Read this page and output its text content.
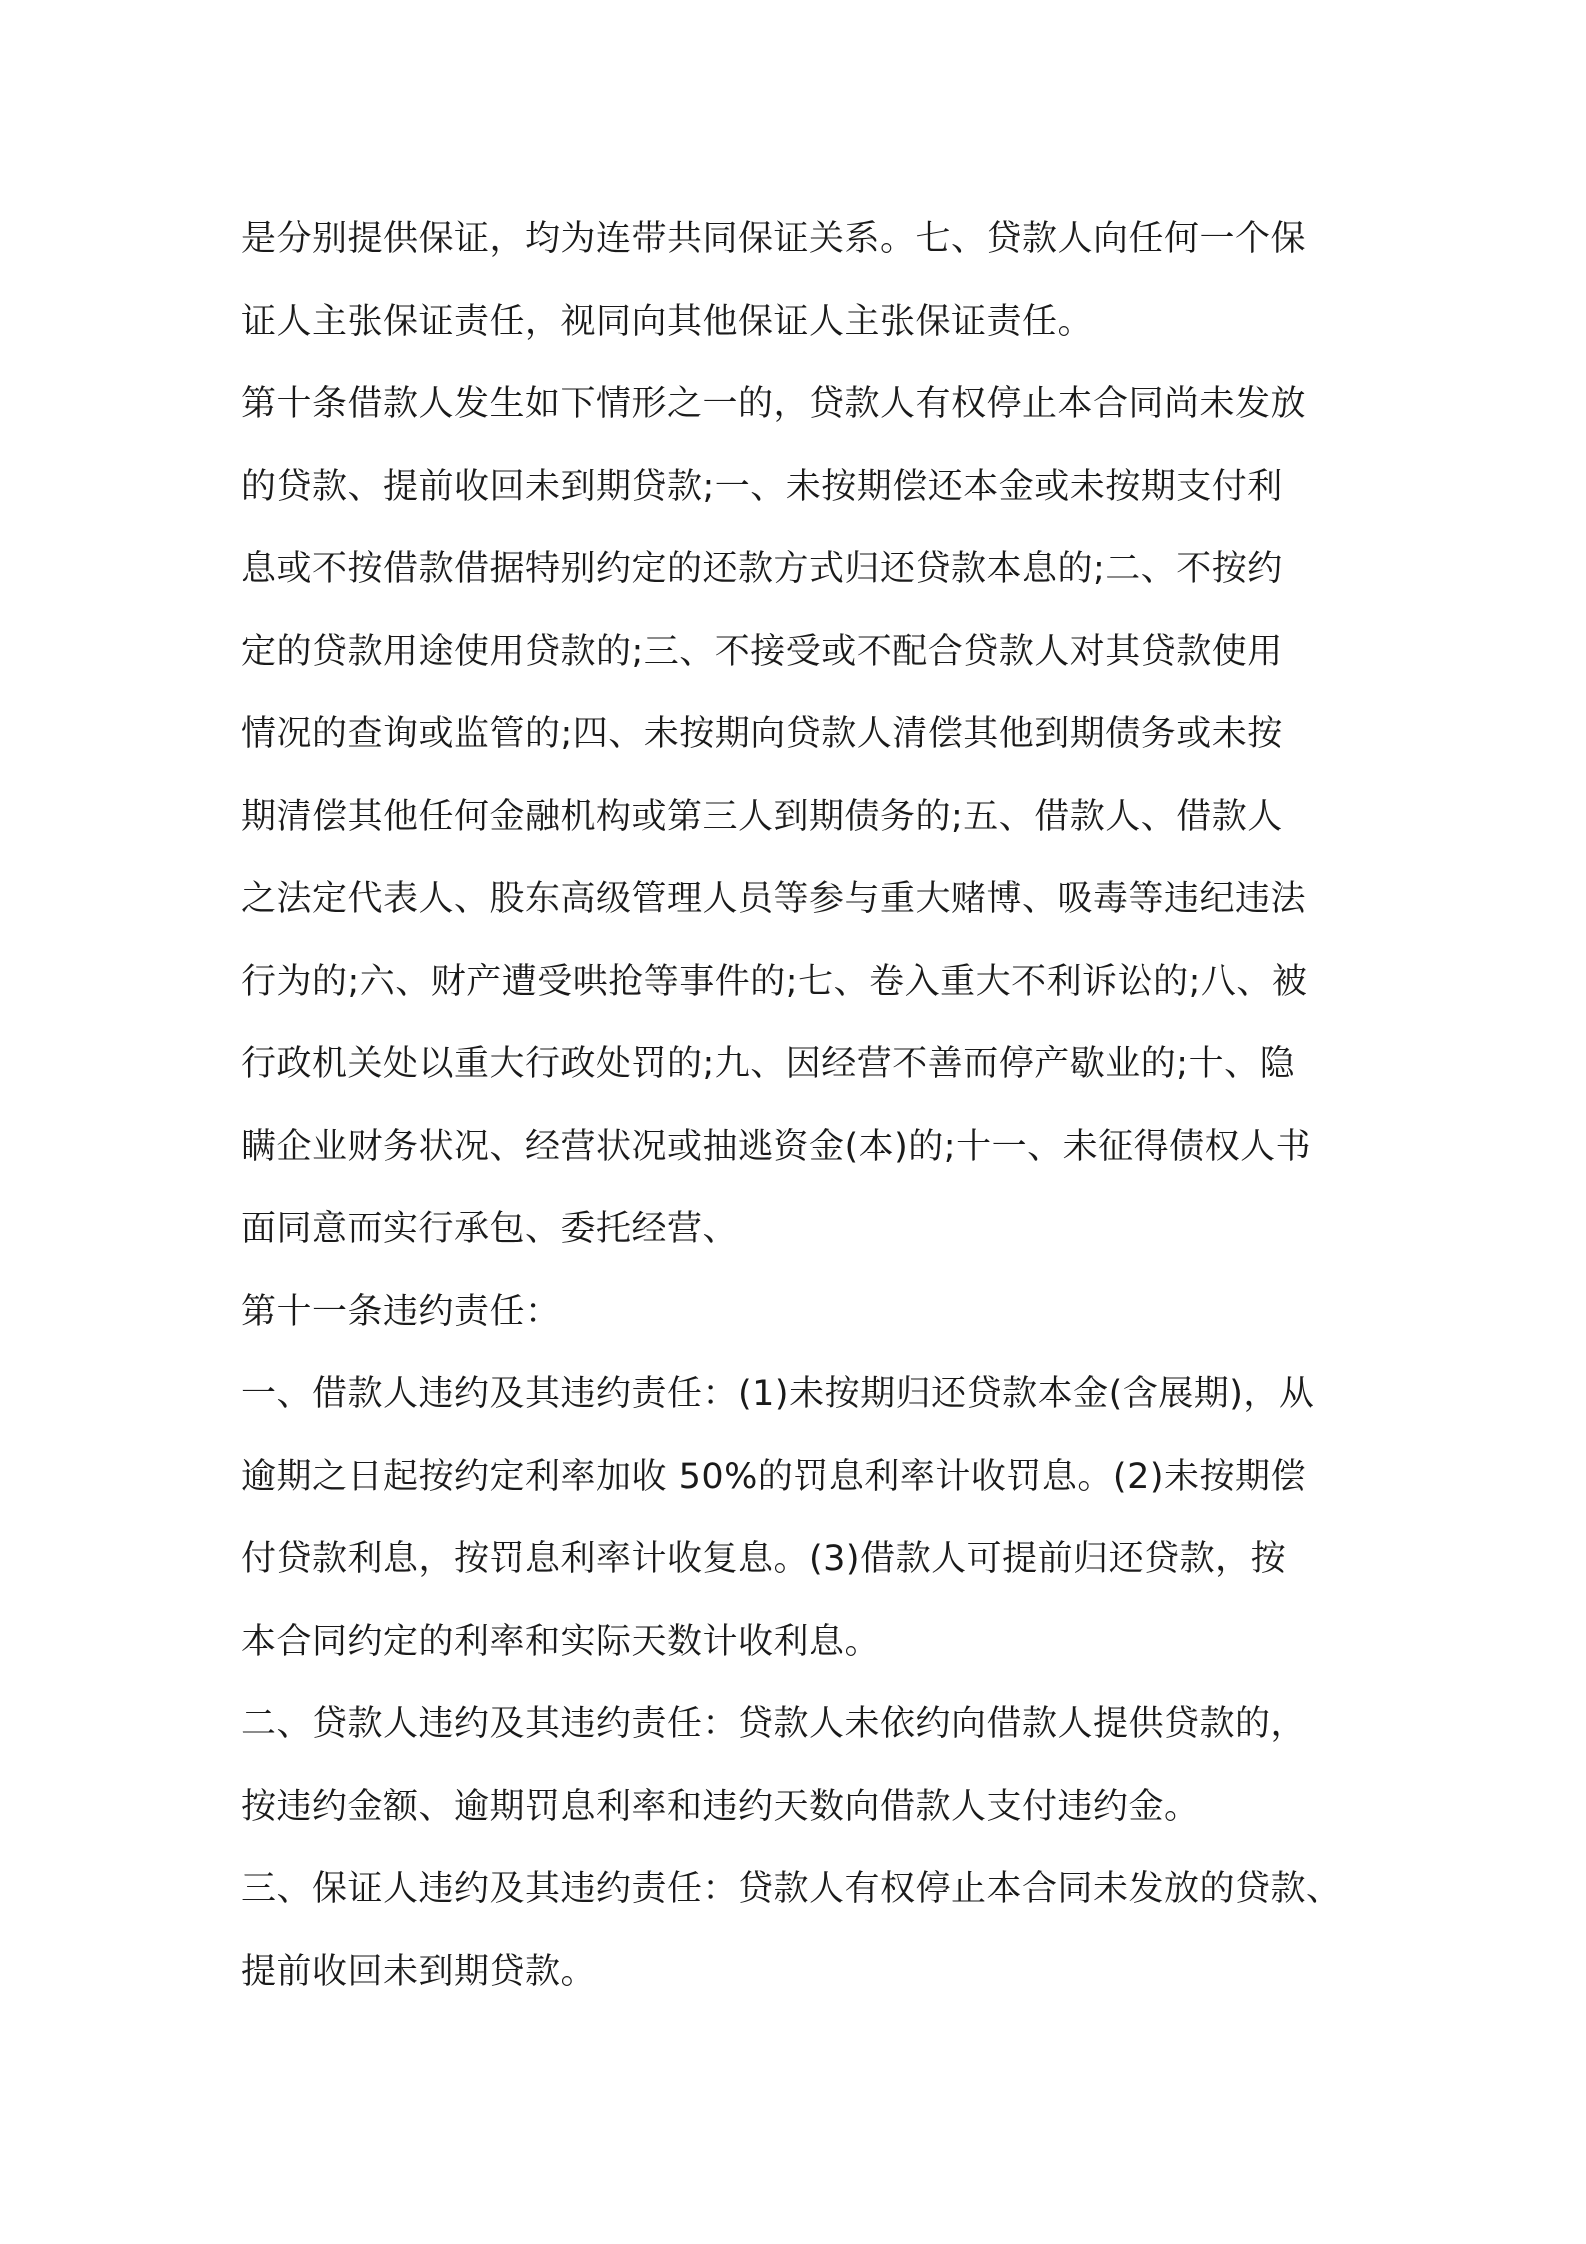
是分别提供保证，均为连带共同保证关系。七、贷款人向任何一个保
证人主张保证责任，视同向其他保证人主张保证责任。
第十条借款人发生如下情形之一的，贷款人有权停止本合同尚未发放
的贷款、提前收回未到期贷款;一、未按期偿还本金或未按期支付利
息或不按借款借据特别约定的还款方式归还贷款本息的;二、不按约
定的贷款用途使用贷款的;三、不接受或不配合贷款人对其贷款使用
情况的查询或监管的;四、未按期向贷款人清偿其他到期债务或未按
期清偿其他任何金融机构或第三人到期债务的;五、借款人、借款人
之法定代表人、股东高级管理人员等参与重大赌博、吸毒等违纪违法
行为的;六、财产遭受哄抢等事件的;七、卷入重大不利诉讼的;八、被
行政机关处以重大行政处罚的;九、因经营不善而停产歇业的;十、隐
瞒企业财务状况、经营状况或抽逃资金(本)的;十一、未征得债权人书
面同意而实行承包、委托经营、
第十一条违约责任：
一、借款人违约及其违约责任：(1)未按期归还贷款本金(含展期)，从
逾期之日起按约定利率加收 50%的罚息利率计收罚息。(2)未按期偿
付贷款利息，按罚息利率计收复息。(3)借款人可提前归还贷款，按
本合同约定的利率和实际天数计收利息。
二、贷款人违约及其违约责任：贷款人未依约向借款人提供贷款的，
按违约金额、逾期罚息利率和违约天数向借款人支付违约金。
三、保证人违约及其违约责任：贷款人有权停止本合同未发放的贷款、
提前收回未到期贷款。
